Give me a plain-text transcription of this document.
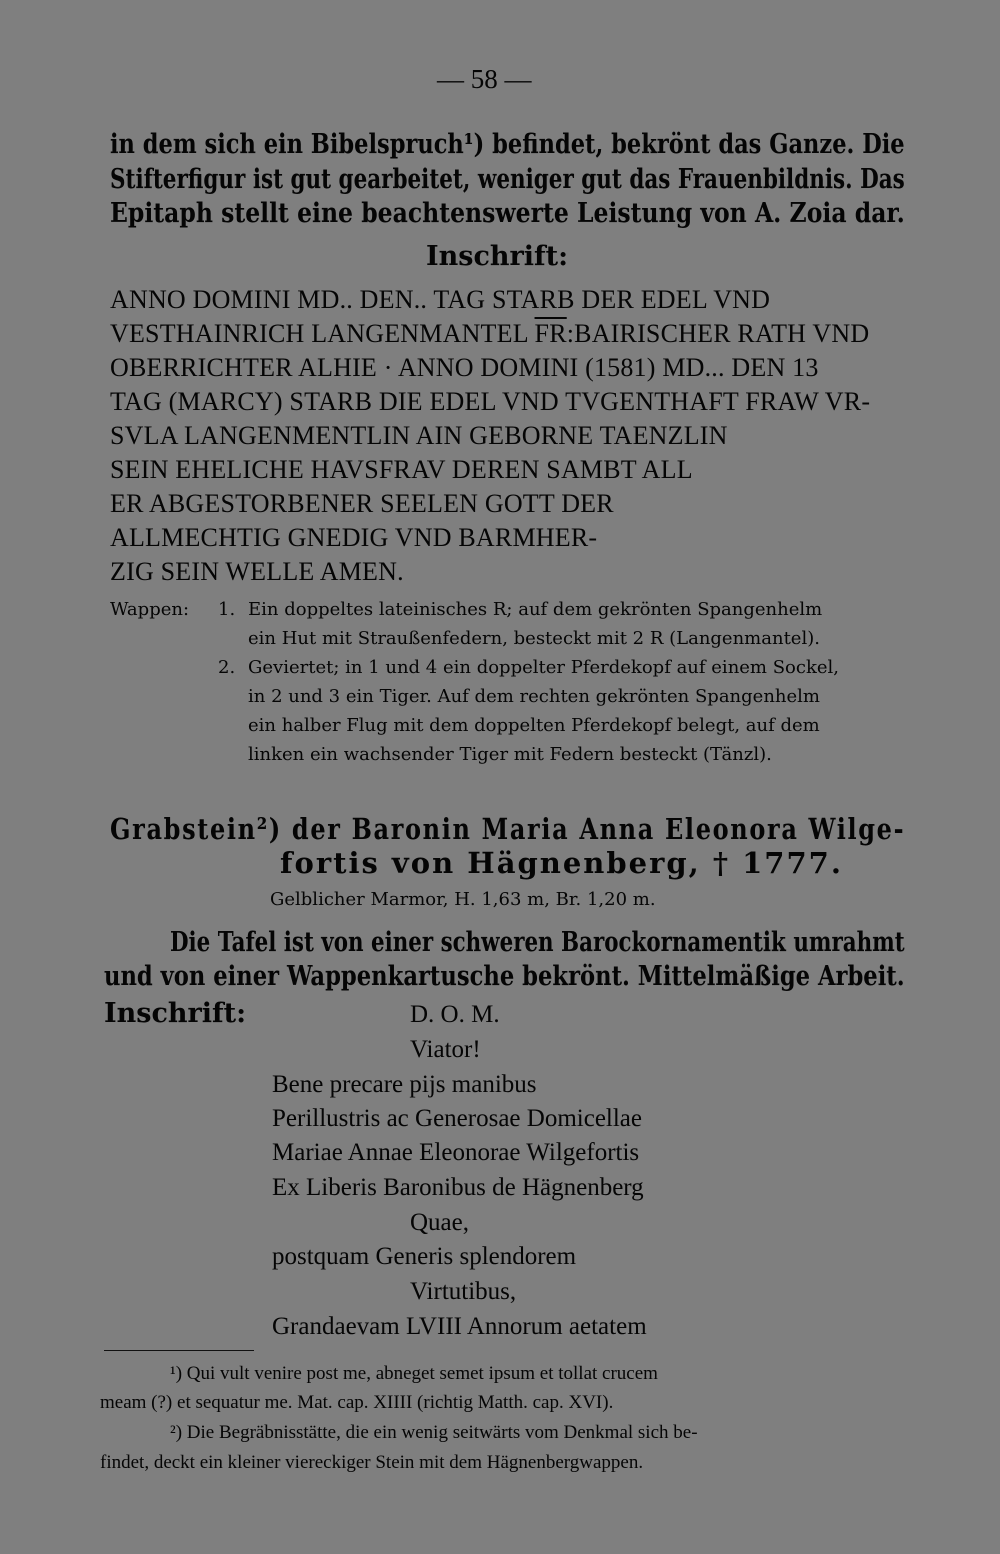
— 58 —
in dem sich ein Bibelspruch¹) befindet, bekrönt das Ganze. Die
Stifterfigur ist gut gearbeitet, weniger gut das Frauenbildnis. Das
Epitaph stellt eine beachtenswerte Leistung von A. Zoia dar.
Inschrift:
ANNO DOMINI MD.. DEN.. TAG STARB DER EDEL VND
VESTHAINRICH LANGENMANTEL $\overline{FR}:BAIRISCHER$ RATH VND
OBERRICHTER ALHIE · ANNO DOMINI (1581) MD... DEN 13
TAG (MARCY) STARB DIE EDEL VND TVGENTHAFT FRAW VR-
SVLA LANGENMENTLIN AIN GEBORNE TAENZLIN
SEIN EHELICHE HAVSFRAV DEREN SAMBT ALL
ER ABGESTORBENER SEELEN GOTT DER
ALLMECHTIG GNEDIG VND BARMHER-
ZIG SEIN WELLE AMEN.
Wappen: 1. Ein doppeltes lateinisches R; auf dem gekrönten Spangenhelm
ein Hut mit Straußenfedern, besteckt mit 2 R (Langenmantel).
2. Geviertet; in 1 und 4 ein doppelter Pferdekopf auf einem Sockel,
in 2 und 3 ein Tiger. Auf dem rechten gekrönten Spangenhelm
ein halber Flug mit dem doppelten Pferdekopf belegt, auf dem
linken ein wachsender Tiger mit Federn besteckt (Tänzl).
Grabstein²) der Baronin Maria Anna Eleonora Wilge-
fortis von Hägnenberg, † 1777.
Gelblicher Marmor, H. 1,63 m, Br. 1,20 m.
Die Tafel ist von einer schweren Barockornamentik umrahmt
und von einer Wappenkartusche bekrönt. Mittelmäßige Arbeit.
Inschrift:	D. O. M.
Viator!
Bene precare pijs manibus
Perillustris ac Generosae Domicellae
Mariae Annae Eleonorae Wilgefortis
Ex Liberis Baronibus de Hägnenberg
Quae,
postquam Generis splendorem
Virtutibus,
Grandaevam LVIII Annorum aetatem
¹) Qui vult venire post me, abneget semet ipsum et tollat crucem
meam (?) et sequatur me. Mat. cap. XIIII (richtig Matth. cap. XVI).
²) Die Begräbnisstätte, die ein wenig seitwärts vom Denkmal sich be-
findet, deckt ein kleiner viereckiger Stein mit dem Hägnenbergwappen.
